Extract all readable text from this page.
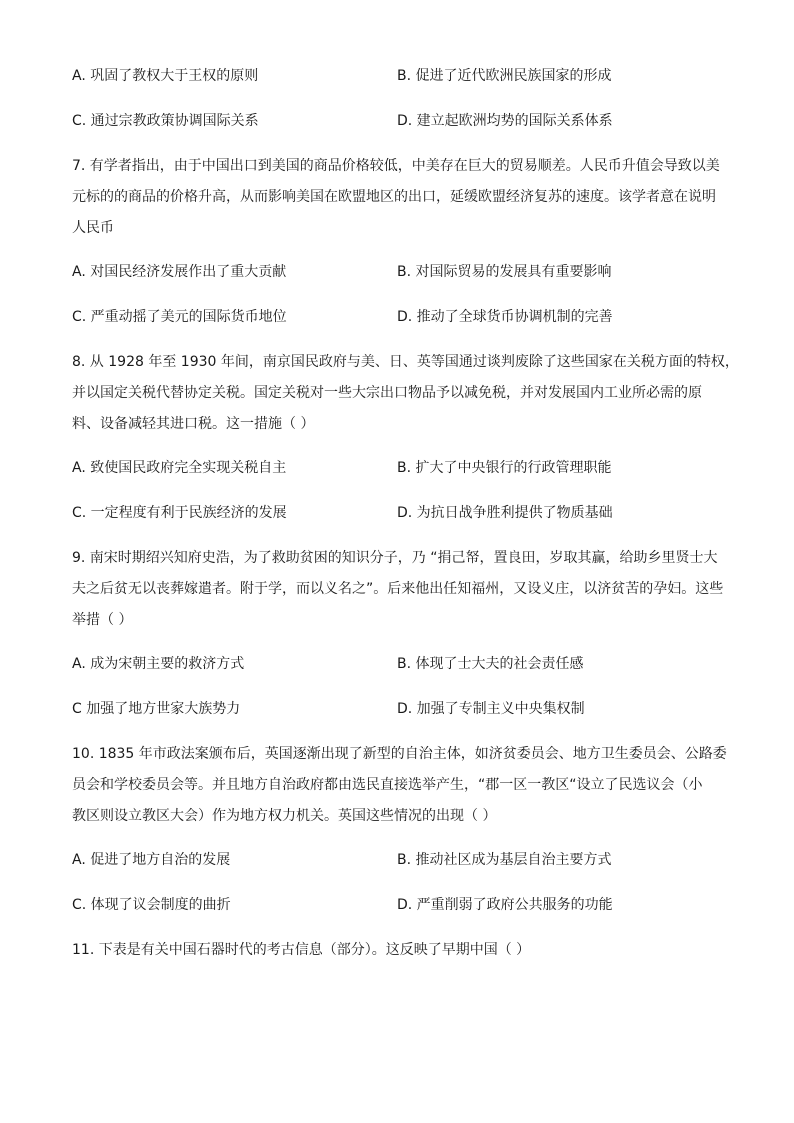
A. 巩固了教权大于王权的原则	B. 促进了近代欧洲民族国家的形成
C. 通过宗教政策协调国际关系	D. 建立起欧洲均势的国际关系体系
7. 有学者指出，由于中国出口到美国的商品价格较低，中美存在巨大的贸易顺差。人民币升值会导致以美
元标的的商品的价格升高，从而影响美国在欧盟地区的出口，延缓欧盟经济复苏的速度。该学者意在说明
人民币
A. 对国民经济发展作出了重大贡献	B. 对国际贸易的发展具有重要影响
C. 严重动摇了美元的国际货币地位	D. 推动了全球货币协调机制的完善
8. 从 1928 年至 1930 年间，南京国民政府与美、日、英等国通过谈判废除了这些国家在关税方面的特权，
并以国定关税代替协定关税。国定关税对一些大宗出口物品予以减免税，并对发展国内工业所必需的原
料、设备减轻其进口税。这一措施（ ）
A. 致使国民政府完全实现关税自主	B. 扩大了中央银行的行政管理职能
C. 一定程度有利于民族经济的发展	D. 为抗日战争胜利提供了物质基础
9. 南宋时期绍兴知府史浩，为了救助贫困的知识分子，乃 “捐己帑，置良田，岁取其赢，给助乡里贤士大
夫之后贫无以丧葬嫁遣者。附于学，而以义名之”。后来他出任知福州，又设义庄，以济贫苦的孕妇。这些
举措（ ）
A. 成为宋朝主要的救济方式	B. 体现了士大夫的社会责任感
C 加强了地方世家大族势力	D. 加强了专制主义中央集权制
10. 1835 年市政法案颁布后，英国逐渐出现了新型的自治主体，如济贫委员会、地方卫生委员会、公路委
员会和学校委员会等。并且地方自治政府都由选民直接选举产生，“郡一区一教区“设立了民选议会（小
教区则设立教区大会）作为地方权力机关。英国这些情况的出现（ ）
A. 促进了地方自治的发展	B. 推动社区成为基层自治主要方式
C. 体现了议会制度的曲折	D. 严重削弱了政府公共服务的功能
11. 下表是有关中国石器时代的考古信息（部分）。这反映了早期中国（ ）
